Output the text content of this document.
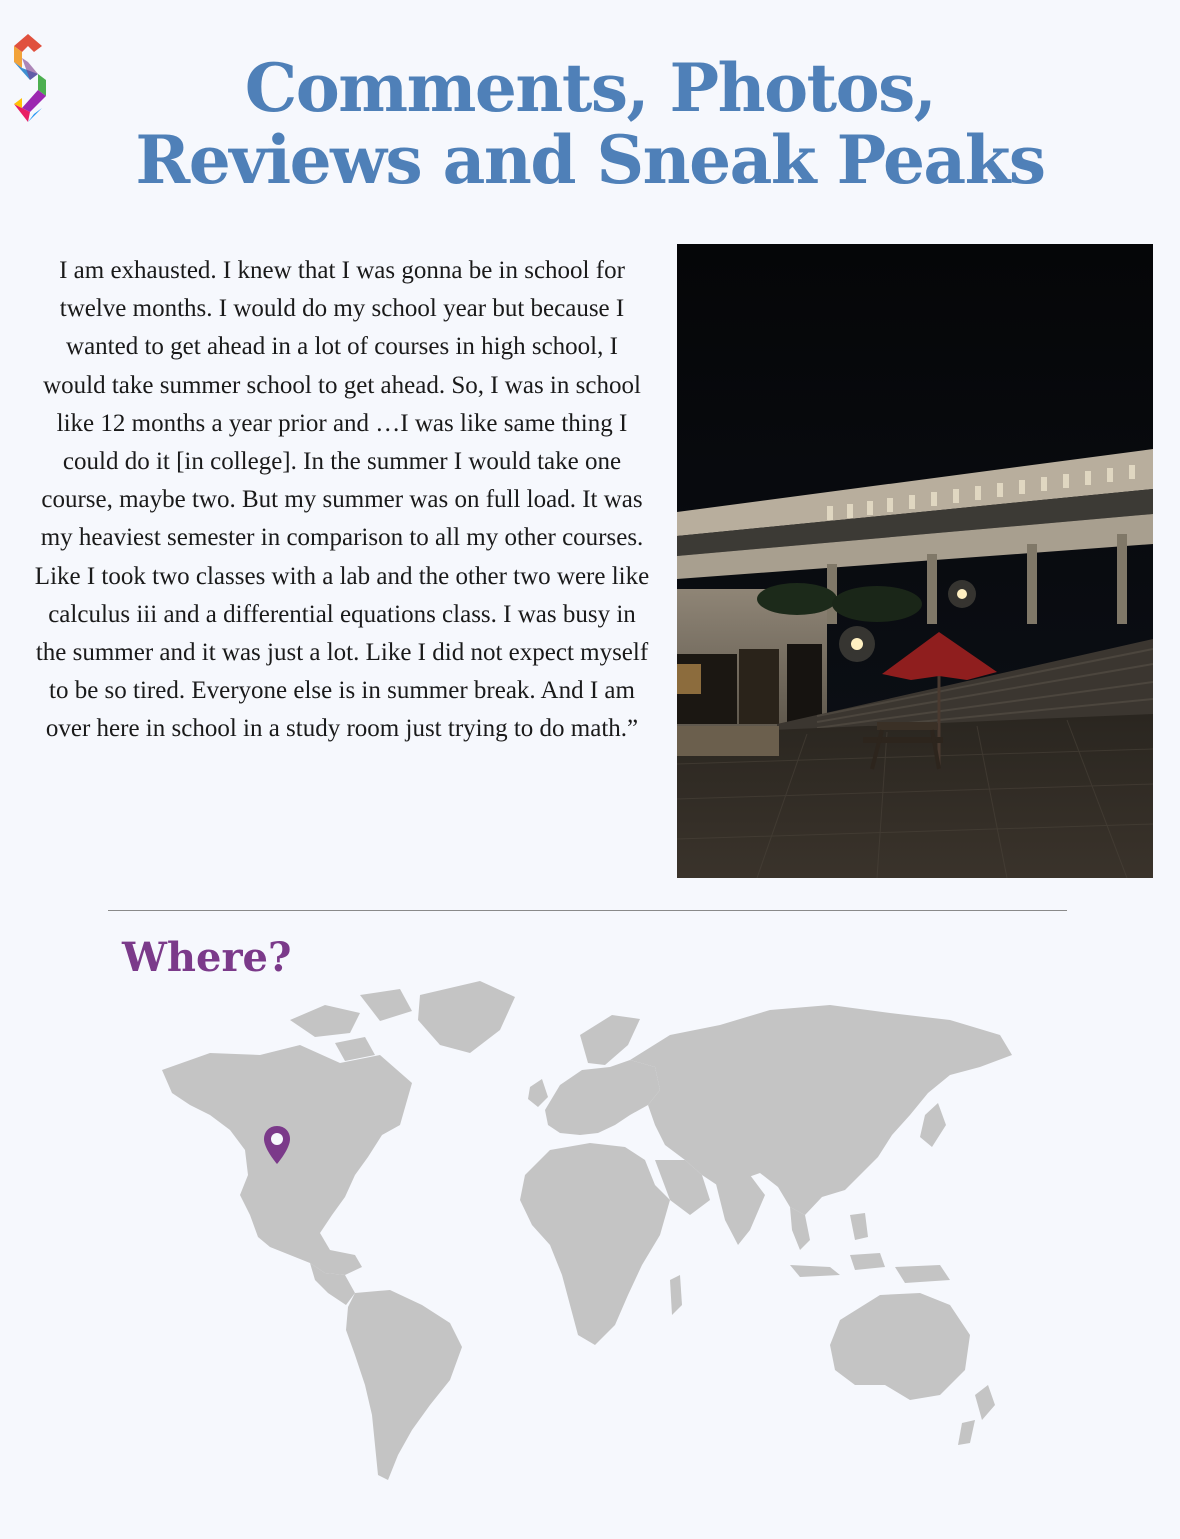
Comments, Photos,
Reviews and Sneak Peaks

I am exhausted. I knew that I was gonna be in school for twelve months. I would do my school year but because I wanted to get ahead in a lot of courses in high school, I would take summer school to get ahead. So, I was in school like 12 months a year prior and …I was like same thing I could do it [in college]. In the summer I would take one course, maybe two. But my summer was on full load. It was my heaviest semester in comparison to all my other courses. Like I took two classes with a lab and the other two were like calculus iii and a differential equations class. I was busy in the summer and it was just a lot. Like I did not expect myself to be so tired. Everyone else is in summer break. And I am over here in school in a study room just trying to do math.”

Where?
